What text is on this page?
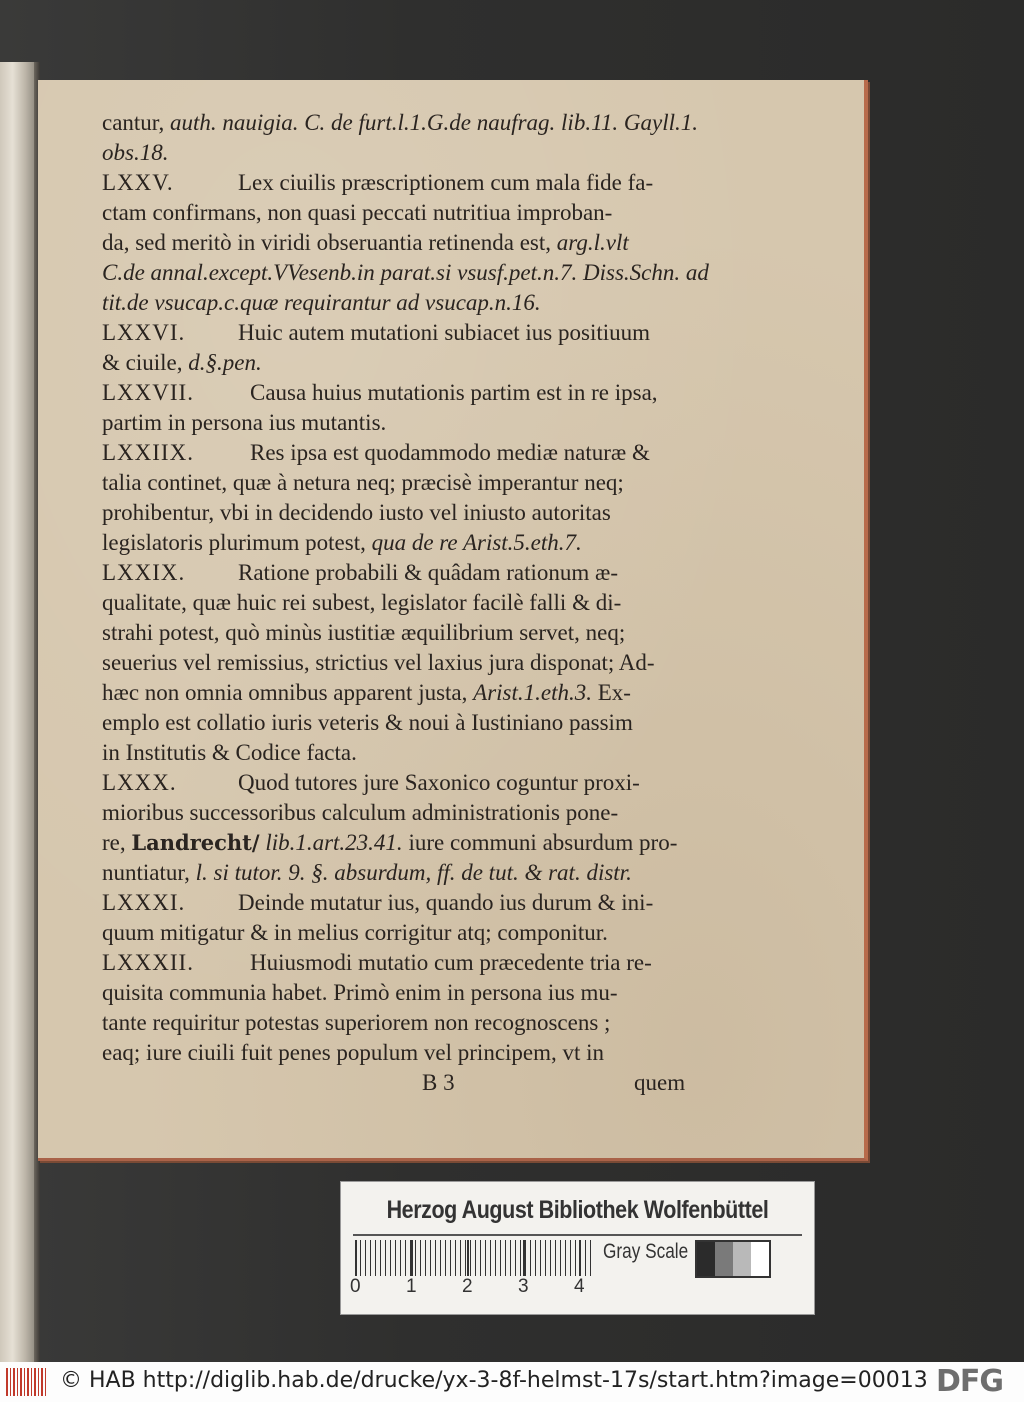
cantur, auth. nauigia. C. de furt.l.1.G.de naufrag. lib.11. Gayll.1.
obs.18.
LXXV.	Lex ciuilis præscriptionem cum mala fide fa-
ctam confirmans, non quasi peccati nutritiua improban-
da, sed meritò in viridi obseruantia retinenda est, arg.l.vlt
C.de annal.except.VVesenb.in parat.si vsusf.pet.n.7. Diss.Schn. ad
tit.de vsucap.c.quæ requirantur ad vsucap.n.16.
LXXVI. Huic autem mutationi subiacet ius positiuum
& ciuile, d.§.pen.
LXXVII. Causa huius mutationis partim est in re ipsa,
partim in persona ius mutantis.
LXXIIX. Res ipsa est quodammodo mediæ naturæ &
talia continet, quæ à netura neq; præcisè imperantur neq;
prohibentur, vbi in decidendo iusto vel iniusto autoritas
legislatoris plurimum potest, qua de re Arist.5.eth.7.
LXXIX. Ratione probabili & quâdam rationum æ-
qualitate, quæ huic rei subest, legislator facilè falli & di-
strahi potest, quò minùs iustitiæ æquilibrium servet, neq;
seuerius vel remissius, strictius vel laxius jura disponat; Ad-
hæc non omnia omnibus apparent justa, Arist.1.eth.3. Ex-
emplo est collatio iuris veteris & noui à Iustiniano passim
in Institutis & Codice facta.
LXXX.	Quod tutores jure Saxonico coguntur proxi-
mioribus successoribus calculum administrationis pone-
re, Landrecht/ lib.1.art.23.41. iure communi absurdum pro-
nuntiatur, l. si tutor. 9. §. absurdum, ff. de tut. & rat. distr.
LXXXI. Deinde mutatur ius, quando ius durum & ini-
quum mitigatur & in melius corrigitur atq; componitur.
LXXXII. Huiusmodi mutatio cum præcedente tria re-
quisita communia habet. Primò enim in persona ius mu-
tante requiritur potestas superiorem non recognoscens ;
eaq; iure ciuili fuit penes populum vel principem, vt in
B 3	quem
Herzog August Bibliothek Wolfenbüttel
0 1 2 3 4
Gray Scale
© HAB http://diglib.hab.de/drucke/yx-3-8f-helmst-17s/start.htm?image=00013 DFG
